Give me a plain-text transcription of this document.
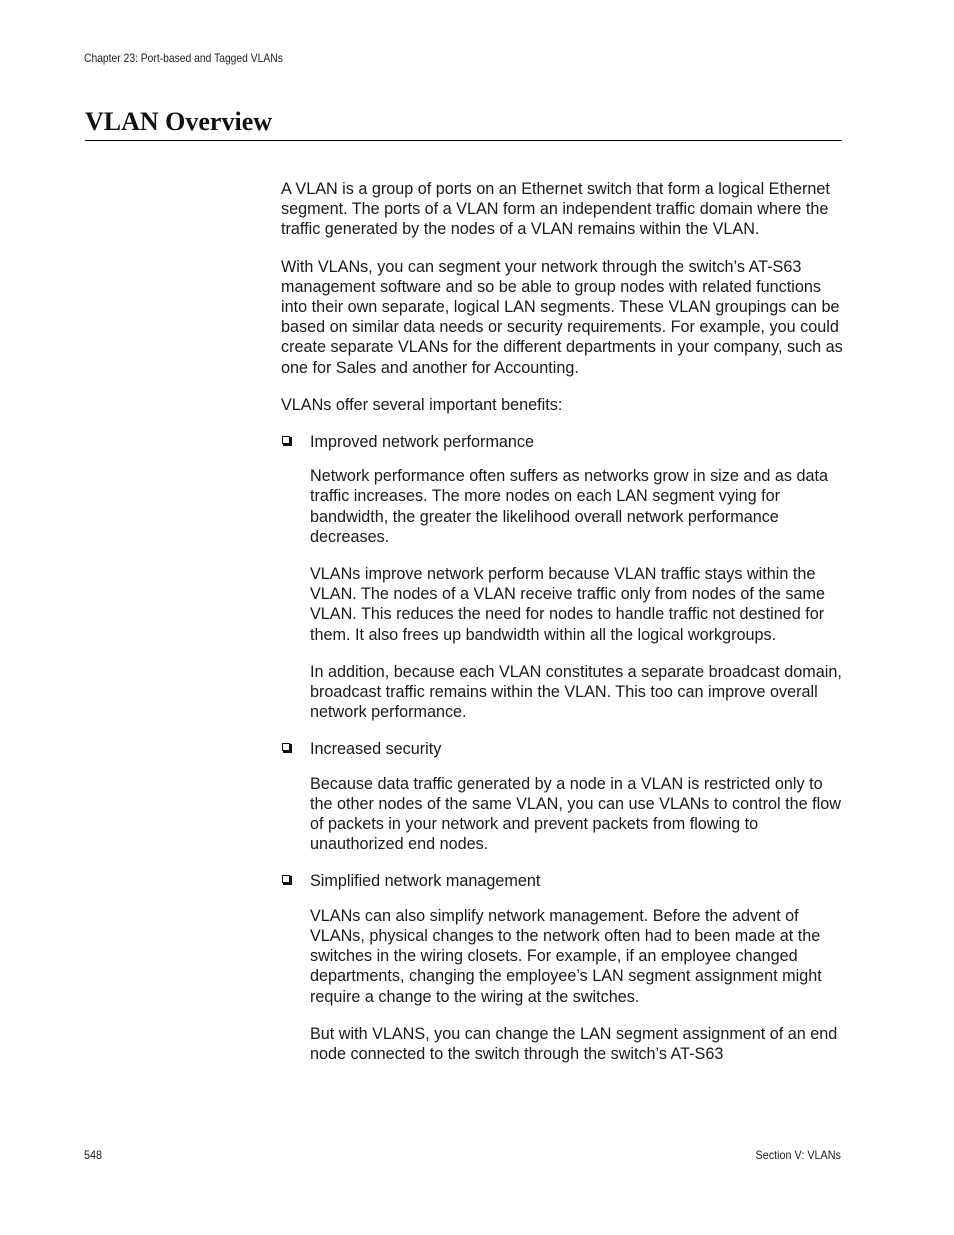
Chapter 23: Port-based and Tagged VLANs
VLAN Overview

A VLAN is a group of ports on an Ethernet switch that form a logical Ethernet segment. The ports of a VLAN form an independent traffic domain where the traffic generated by the nodes of a VLAN remains within the VLAN.

With VLANs, you can segment your network through the switch’s AT-S63 management software and so be able to group nodes with related functions into their own separate, logical LAN segments. These VLAN groupings can be based on similar data needs or security requirements. For example, you could create separate VLANs for the different departments in your company, such as one for Sales and another for Accounting.

VLANs offer several important benefits:

Improved network performance

Network performance often suffers as networks grow in size and as data traffic increases. The more nodes on each LAN segment vying for bandwidth, the greater the likelihood overall network performance decreases.

VLANs improve network perform because VLAN traffic stays within the VLAN. The nodes of a VLAN receive traffic only from nodes of the same VLAN. This reduces the need for nodes to handle traffic not destined for them. It also frees up bandwidth within all the logical workgroups.

In addition, because each VLAN constitutes a separate broadcast domain, broadcast traffic remains within the VLAN. This too can improve overall network performance.

Increased security

Because data traffic generated by a node in a VLAN is restricted only to the other nodes of the same VLAN, you can use VLANs to control the flow of packets in your network and prevent packets from flowing to unauthorized end nodes.

Simplified network management

VLANs can also simplify network management. Before the advent of VLANs, physical changes to the network often had to been made at the switches in the wiring closets. For example, if an employee changed departments, changing the employee’s LAN segment assignment might require a change to the wiring at the switches.

But with VLANS, you can change the LAN segment assignment of an end node connected to the switch through the switch’s AT-S63

548	Section V: VLANs
